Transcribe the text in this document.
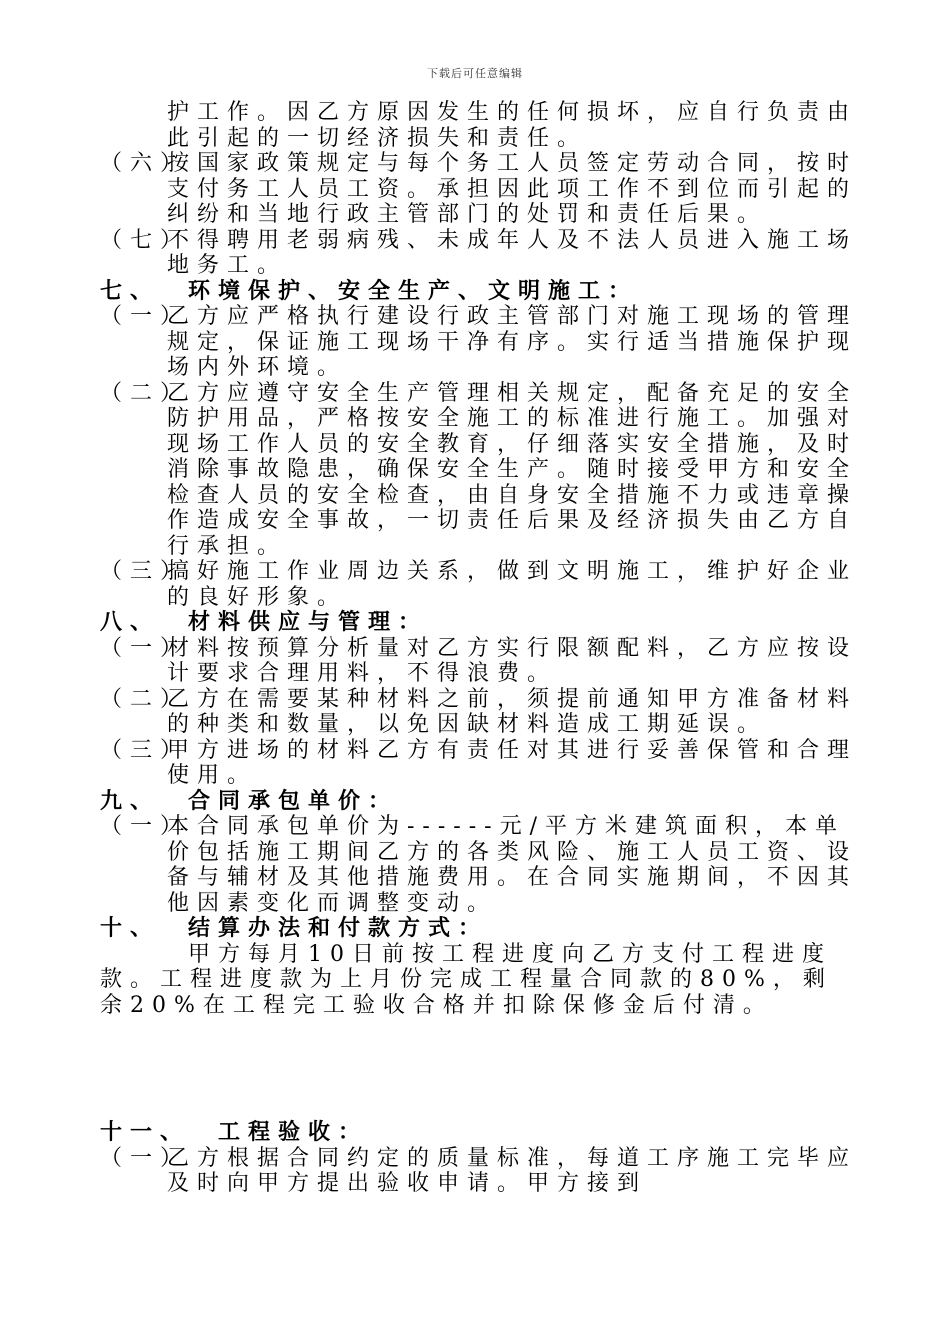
下载后可任意编辑
护工作。因乙方原因发生的任何损坏，应自行负责由此引起的一切经济损失和责任。
（六）
按国家政策规定与每个务工人员签定劳动合同，按时支付务工人员工资。承担因此项工作不到位而引起的纠纷和当地行政主管部门的处罚和责任后果。
（七）
不得聘用老弱病残、未成年人及不法人员进入施工场地务工。
七、 环境保护、安全生产、文明施工：
（一）
乙方应严格执行建设行政主管部门对施工现场的管理规定，保证施工现场干净有序。实行适当措施保护现场内外环境。
（二）
乙方应遵守安全生产管理相关规定，配备充足的安全防护用品，严格按安全施工的标准进行施工。加强对现场工作人员的安全教育，仔细落实安全措施，及时消除事故隐患，确保安全生产。随时接受甲方和安全检查人员的安全检查，由自身安全措施不力或违章操作造成安全事故，一切责任后果及经济损失由乙方自行承担。
（三）
搞好施工作业周边关系，做到文明施工，维护好企业的良好形象。
八、 材料供应与管理：
（一）
材料按预算分析量对乙方实行限额配料，乙方应按设计要求合理用料，不得浪费。
（二）
乙方在需要某种材料之前，须提前通知甲方准备材料的种类和数量，以免因缺材料造成工期延误。
（三）
甲方进场的材料乙方有责任对其进行妥善保管和合理使用。
九、 合同承包单价：
（一）
本合同承包单价为------元/平方米建筑面积，本单价包括施工期间乙方的各类风险、施工人员工资、设备与辅材及其他措施费用。在合同实施期间，不因其他因素变化而调整变动。
十、 结算办法和付款方式：
甲方每月10日前按工程进度向乙方支付工程进度款。工程进度款为上月份完成工程量合同款的80%，剩余20%在工程完工验收合格并扣除保修金后付清。
十一、 工程验收：
（一）
乙方根据合同约定的质量标准，每道工序施工完毕应及时向甲方提出验收申请。甲方接到
